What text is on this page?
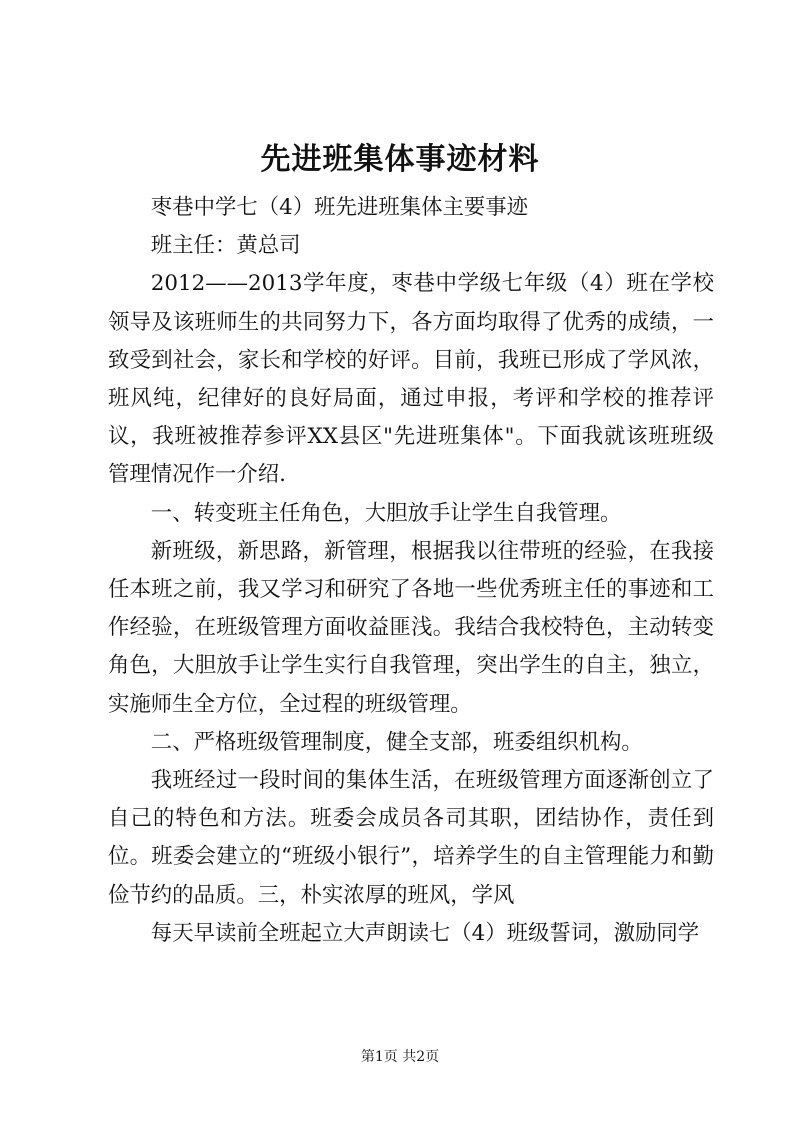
先进班集体事迹材料

枣巷中学七（4）班先进班集体主要事迹

班主任：黄总司

2012——2013学年度，枣巷中学级七年级（4）班在学校领导及该班师生的共同努力下，各方面均取得了优秀的成绩，一致受到社会，家长和学校的好评。目前，我班已形成了学风浓，班风纯，纪律好的良好局面，通过申报，考评和学校的推荐评议，我班被推荐参评XX县区"先进班集体"。下面我就该班班级管理情况作一介绍.

一、转变班主任角色，大胆放手让学生自我管理。

新班级，新思路，新管理，根据我以往带班的经验，在我接任本班之前，我又学习和研究了各地一些优秀班主任的事迹和工作经验，在班级管理方面收益匪浅。我结合我校特色，主动转变角色，大胆放手让学生实行自我管理，突出学生的自主，独立，实施师生全方位，全过程的班级管理。

二、严格班级管理制度，健全支部，班委组织机构。

我班经过一段时间的集体生活，在班级管理方面逐渐创立了自己的特色和方法。班委会成员各司其职，团结协作，责任到位。班委会建立的“班级小银行”，培养学生的自主管理能力和勤俭节约的品质。三，朴实浓厚的班风，学风

每天早读前全班起立大声朗读七（4）班级誓词，激励同学

第1页 共2页
